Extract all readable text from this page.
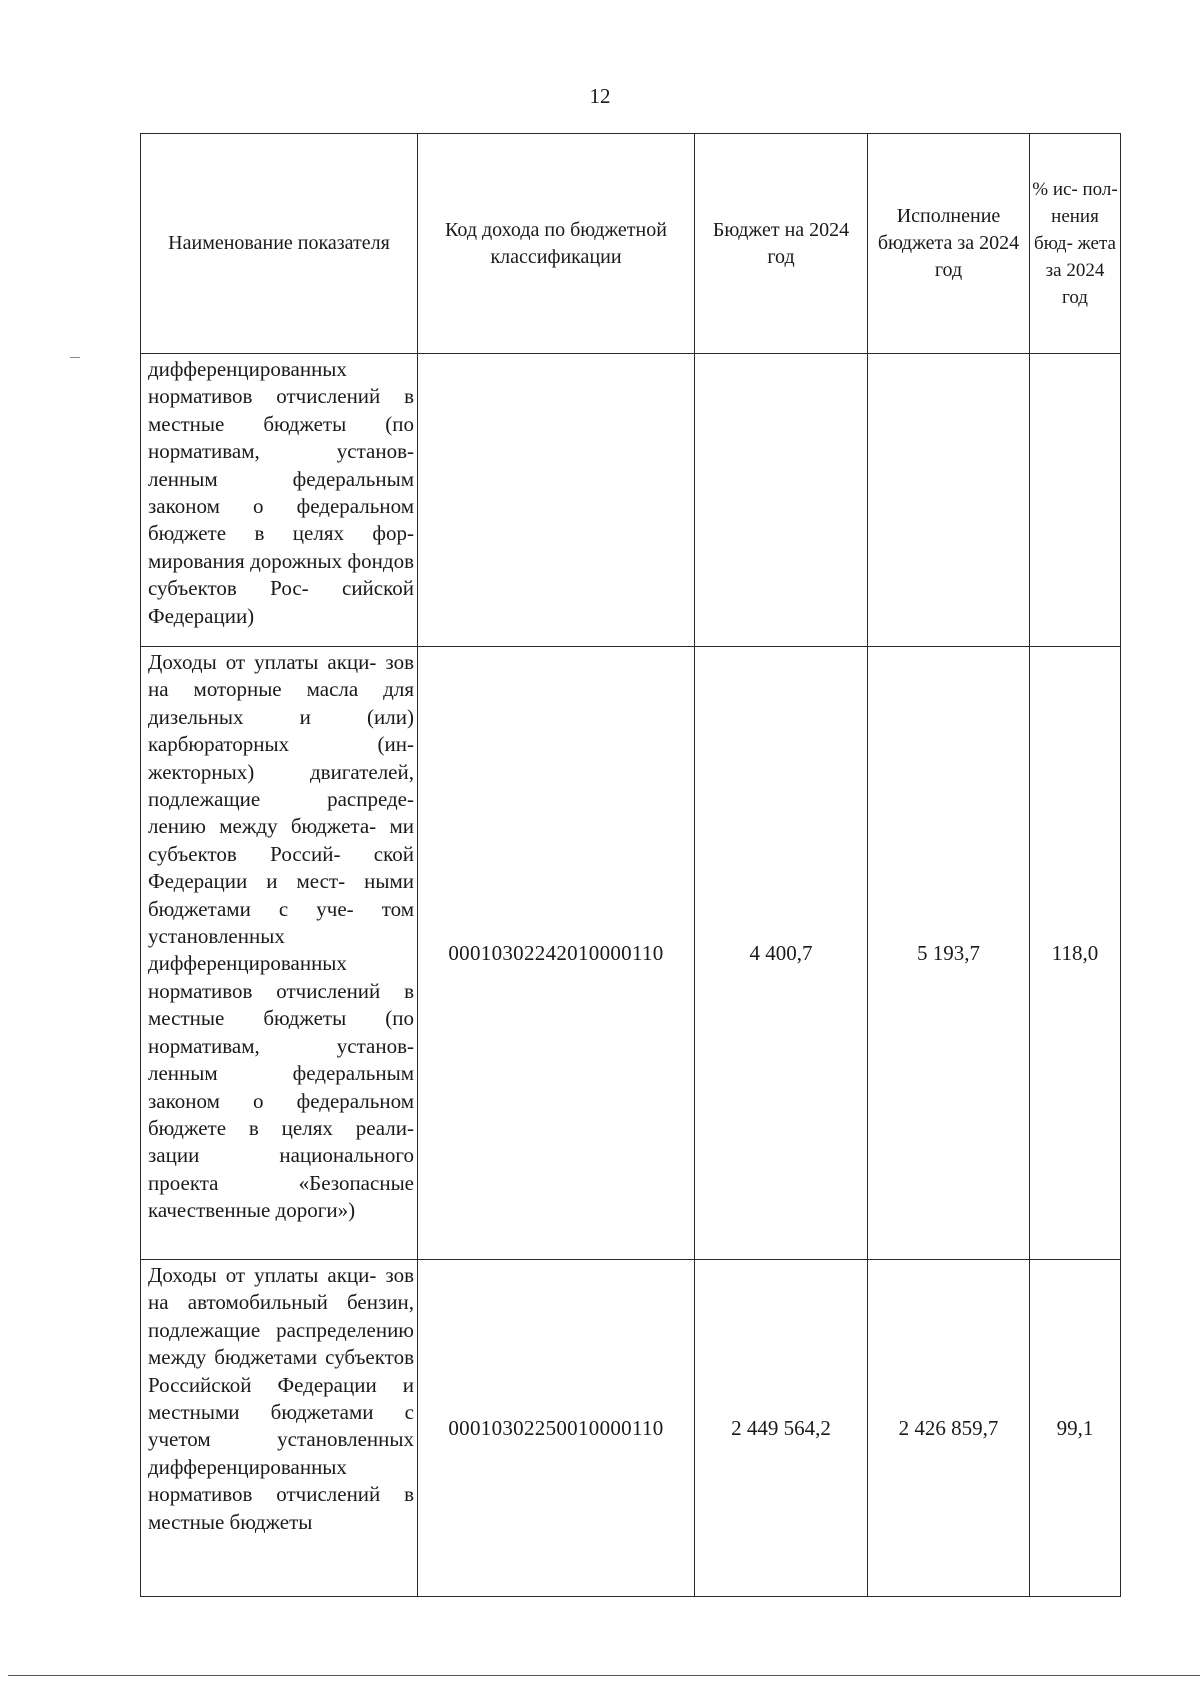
12
Наименование показателя	Код дохода по бюджетной классификации	Бюджет на 2024 год	Исполнение бюджета за 2024 год	% ис- пол- нения бюд- жета за 2024 год
дифференцированных нормативов отчислений в местные бюджеты (по нормативам, установ- ленным федеральным законом о федеральном бюджете в целях фор- мирования дорожных фондов субъектов Рос- сийской Федерации)				
Доходы от уплаты акци- зов на моторные масла для дизельных и (или) карбюраторных (ин- жекторных) двигателей, подлежащие распреде- лению между бюджета- ми субъектов Россий- ской Федерации и мест- ными бюджетами с уче- том установленных дифференцированных нормативов отчислений в местные бюджеты (по нормативам, установ- ленным федеральным законом о федеральном бюджете в целях реали- зации национального проекта «Безопасные качественные дороги»)	00010302242010000110	4 400,7	5 193,7	118,0
Доходы от уплаты акци- зов на автомобильный бензин, подлежащие распределению между бюджетами субъектов Российской Федерации и местными бюджетами с учетом установленных дифференцированных нормативов отчислений в местные бюджеты	00010302250010000110	2 449 564,2	2 426 859,7	99,1
